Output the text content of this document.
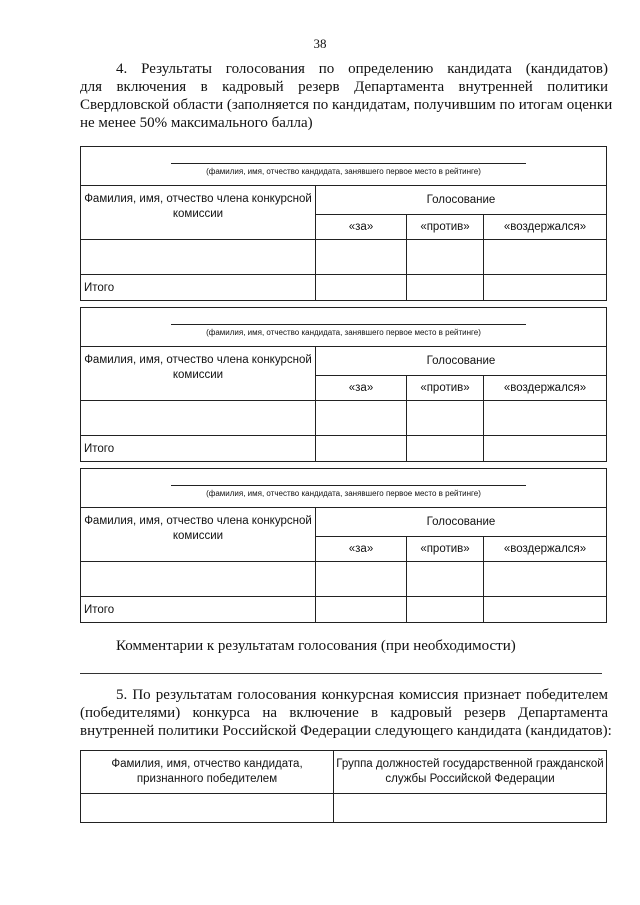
38
4. Результаты голосования по определению кандидата (кандидатов)
для включения в кадровый резерв Департамента внутренней политики
Свердловской области (заполняется по кандидатам, получившим по итогам оценки
не менее 50% максимального балла)
(фамилия, имя, отчество кандидата, занявшего первое место в рейтинге)			

Фамилия, имя, отчество члена конкурсной комиссии	Голосование		
	«за»	«против»	«воздержался»

Итого			
(фамилия, имя, отчество кандидата, занявшего первое место в рейтинге)			

Фамилия, имя, отчество члена конкурсной комиссии	Голосование		
	«за»	«против»	«воздержался»

Итого			
(фамилия, имя, отчество кандидата, занявшего первое место в рейтинге)			

Фамилия, имя, отчество члена конкурсной комиссии	Голосование		
	«за»	«против»	«воздержался»

Итого			
Комментарии к результатам голосования (при необходимости)
5. По результатам голосования конкурсная комиссия признает победителем
(победителями) конкурса на включение в кадровый резерв Департамента
внутренней политики Российской Федерации следующего кандидата (кандидатов):
Фамилия, имя, отчество кандидата, признанного победителем	Группа должностей государственной гражданской службы Российской Федерации
